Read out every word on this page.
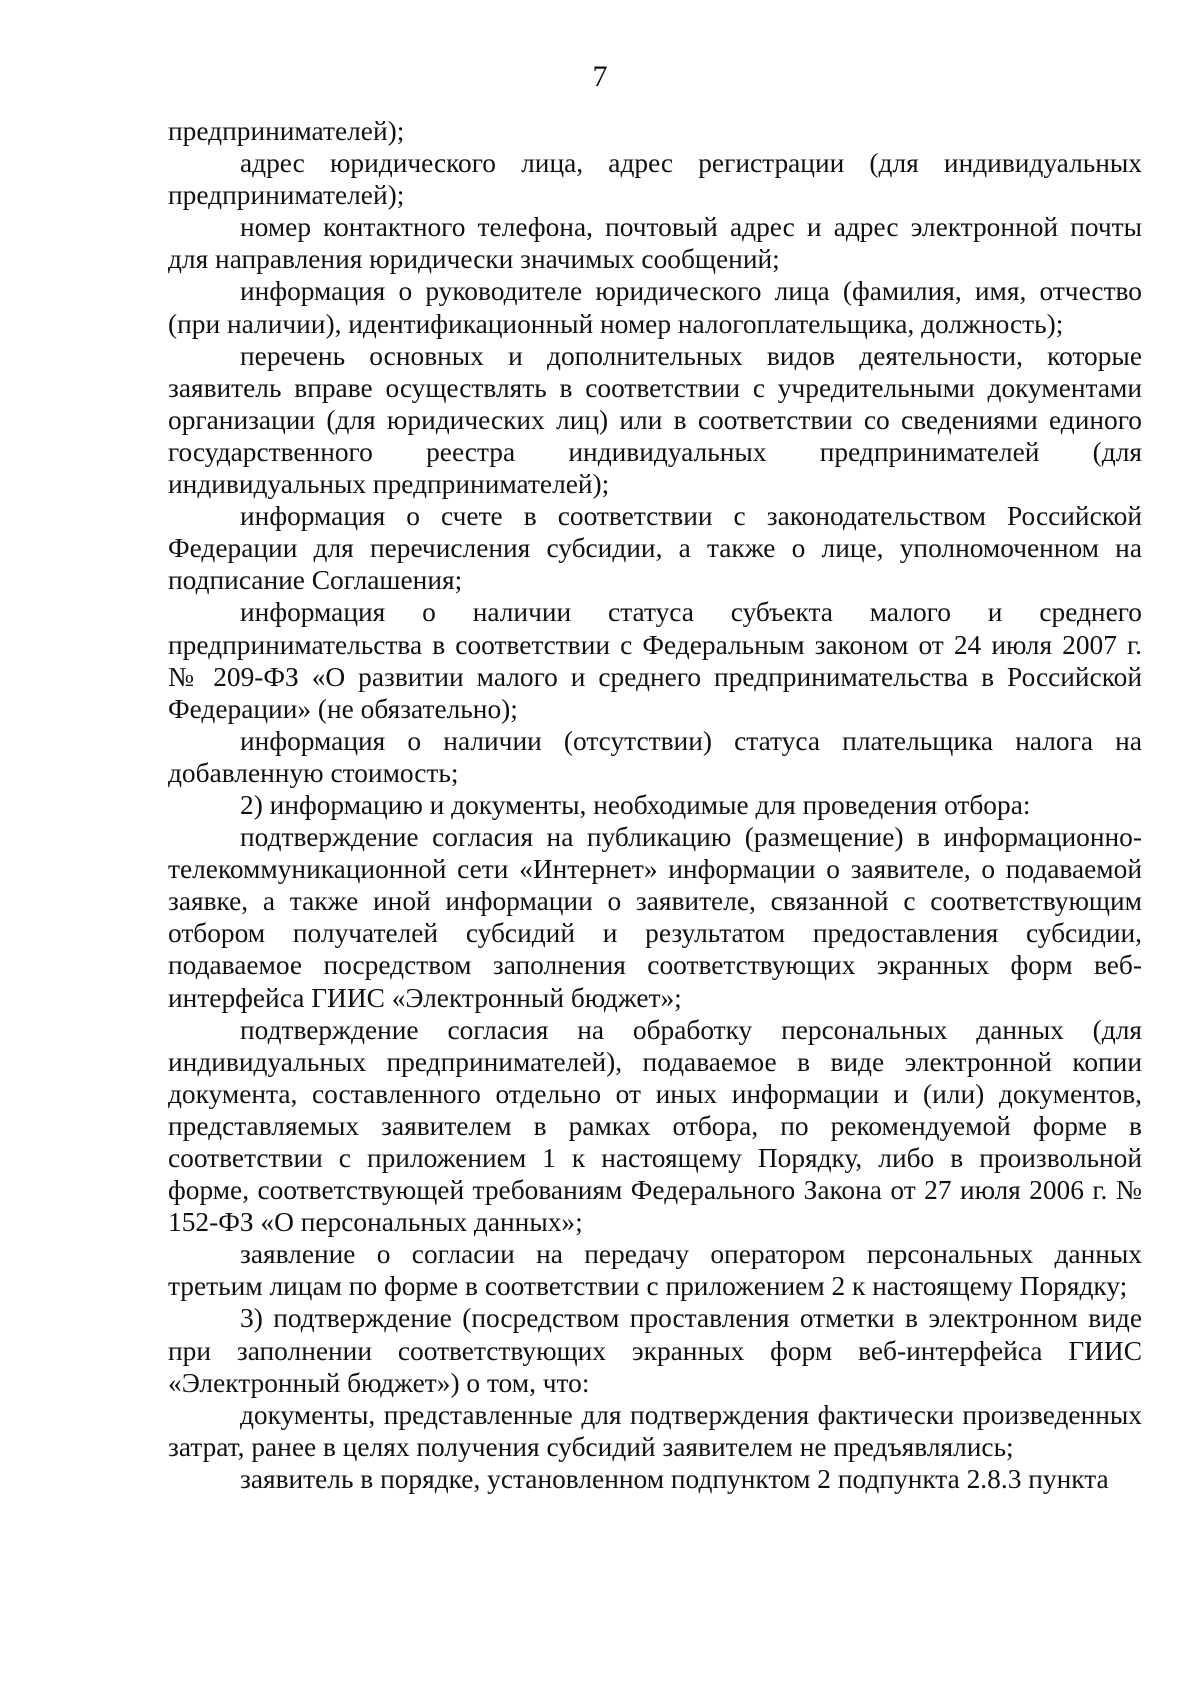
7

предпринимателей);

адрес юридического лица, адрес регистрации (для индивидуальных предпринимателей);

номер контактного телефона, почтовый адрес и адрес электронной почты для направления юридически значимых сообщений;

информация о руководителе юридического лица (фамилия, имя, отчество (при наличии), идентификационный номер налогоплательщика, должность);

перечень основных и дополнительных видов деятельности, которые заявитель вправе осуществлять в соответствии с учредительными документами организации (для юридических лиц) или в соответствии со сведениями единого государственного реестра индивидуальных предпринимателей (для индивидуальных предпринимателей);

информация о счете в соответствии с законодательством Российской Федерации для перечисления субсидии, а также о лице, уполномоченном на подписание Соглашения;

информация о наличии статуса субъекта малого и среднего предпринимательства в соответствии с Федеральным законом от 24 июля 2007 г. № 209-ФЗ «О развитии малого и среднего предпринимательства в Российской Федерации» (не обязательно);

информация о наличии (отсутствии) статуса плательщика налога на добавленную стоимость;

2) информацию и документы, необходимые для проведения отбора:

подтверждение согласия на публикацию (размещение) в информационно-телекоммуникационной сети «Интернет» информации о заявителе, о подаваемой заявке, а также иной информации о заявителе, связанной с соответствующим отбором получателей субсидий и результатом предоставления субсидии, подаваемое посредством заполнения соответствующих экранных форм веб-интерфейса ГИИС «Электронный бюджет»;

подтверждение согласия на обработку персональных данных (для индивидуальных предпринимателей), подаваемое в виде электронной копии документа, составленного отдельно от иных информации и (или) документов, представляемых заявителем в рамках отбора, по рекомендуемой форме в соответствии с приложением 1 к настоящему Порядку, либо в произвольной форме, соответствующей требованиям Федерального Закона от 27 июля 2006 г. № 152-ФЗ «О персональных данных»;

заявление о согласии на передачу оператором персональных данных третьим лицам по форме в соответствии с приложением 2 к настоящему Порядку;

3) подтверждение (посредством проставления отметки в электронном виде при заполнении соответствующих экранных форм веб-интерфейса ГИИС «Электронный бюджет») о том, что:

документы, представленные для подтверждения фактически произведенных затрат, ранее в целях получения субсидий заявителем не предъявлялись;

заявитель в порядке, установленном подпунктом 2 подпункта 2.8.3 пункта
